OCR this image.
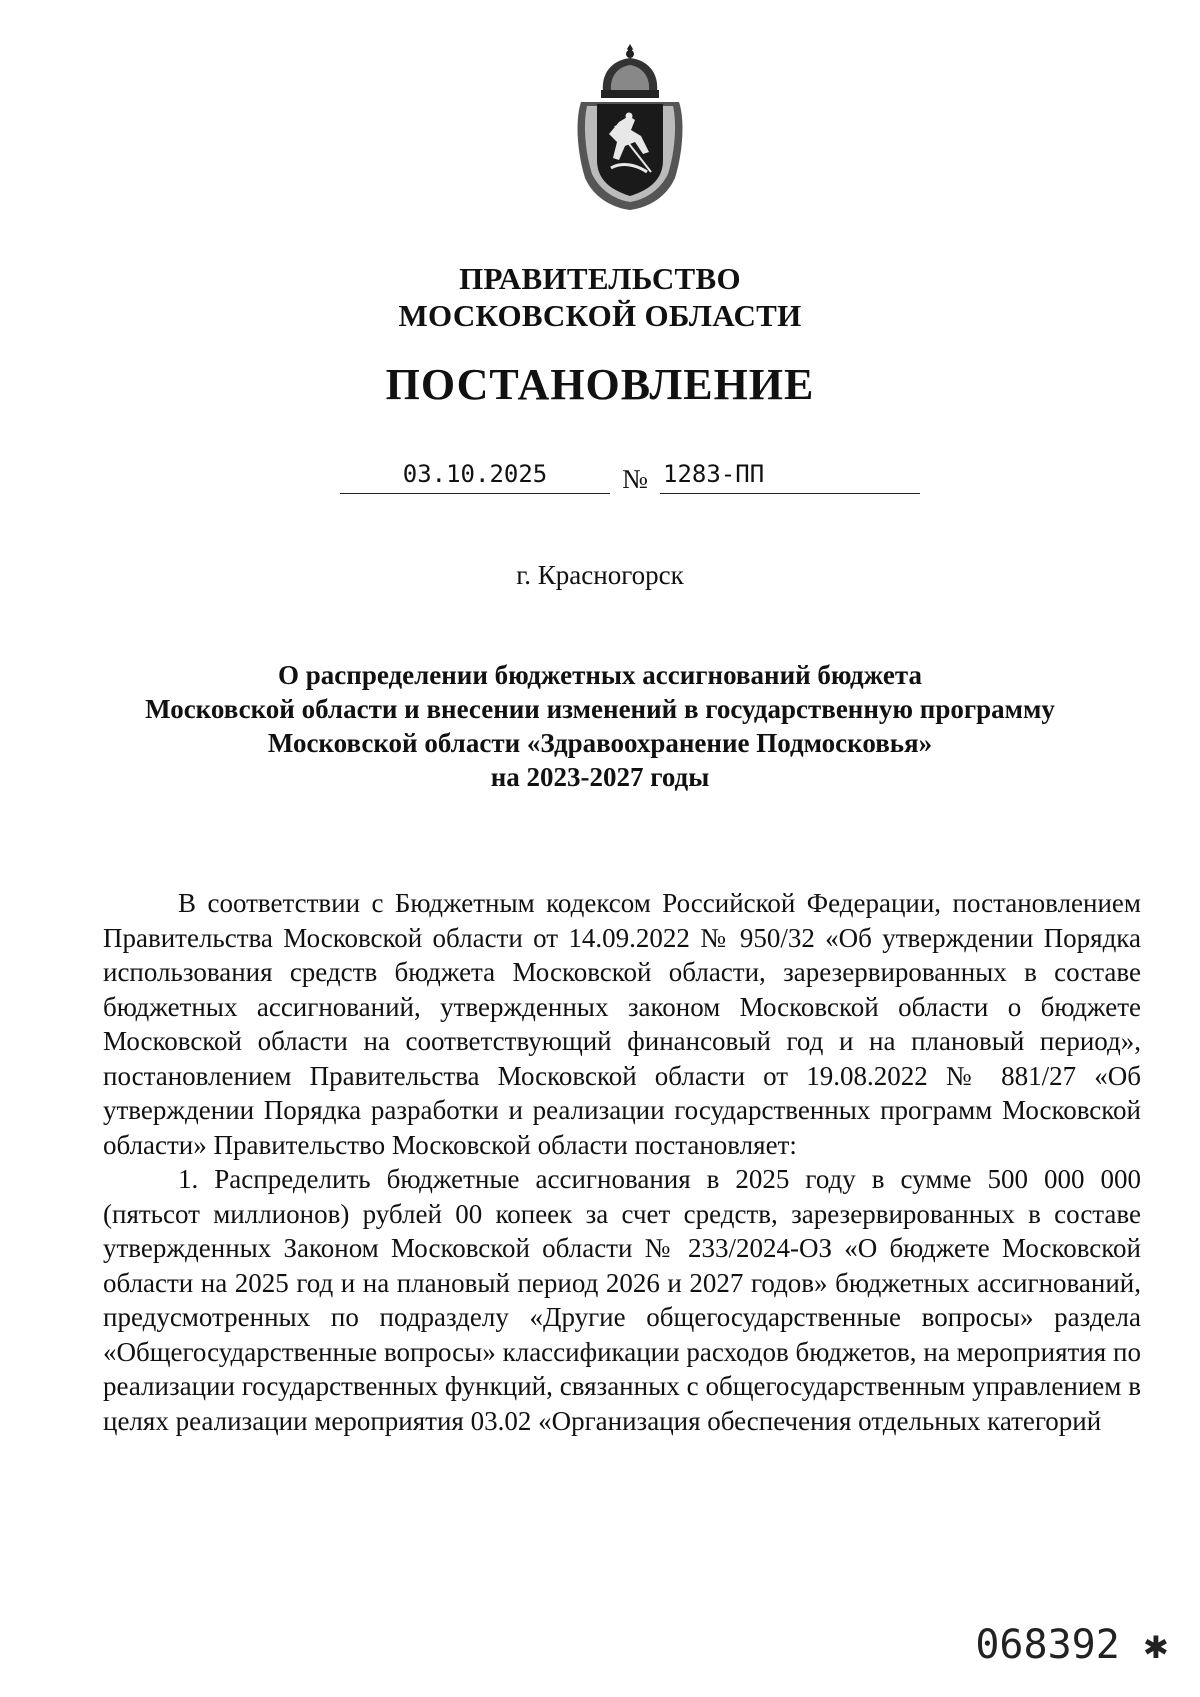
ПРАВИТЕЛЬСТВО
МОСКОВСКОЙ ОБЛАСТИ
ПОСТАНОВЛЕНИЕ
03.10.2025	№ 1283-ПП
г. Красногорск
О распределении бюджетных ассигнований бюджета
Московской области и внесении изменений в государственную программу
Московской области «Здравоохранение Подмосковья»
на 2023-2027 годы

В соответствии с Бюджетным кодексом Российской Федерации, постановлением Правительства Московской области от 14.09.2022 № 950/32 «Об утверждении Порядка использования средств бюджета Московской области, зарезервированных в составе бюджетных ассигнований, утвержденных законом Московской области о бюджете Московской области на соответствующий финансовый год и на плановый период», постановлением Правительства Московской области от 19.08.2022 № 881/27 «Об утверждении Порядка разработки и реализации государственных программ Московской области» Правительство Московской области постановляет:

1. Распределить бюджетные ассигнования в 2025 году в сумме 500 000 000 (пятьсот миллионов) рублей 00 копеек за счет средств, зарезервированных в составе утвержденных Законом Московской области № 233/2024-ОЗ «О бюджете Московской области на 2025 год и на плановый период 2026 и 2027 годов» бюджетных ассигнований, предусмотренных по подразделу «Другие общегосударственные вопросы» раздела «Общегосударственные вопросы» классификации расходов бюджетов, на мероприятия по реализации государственных функций, связанных с общегосударственным управлением в целях реализации мероприятия 03.02 «Организация обеспечения отдельных категорий

068392 ✱
